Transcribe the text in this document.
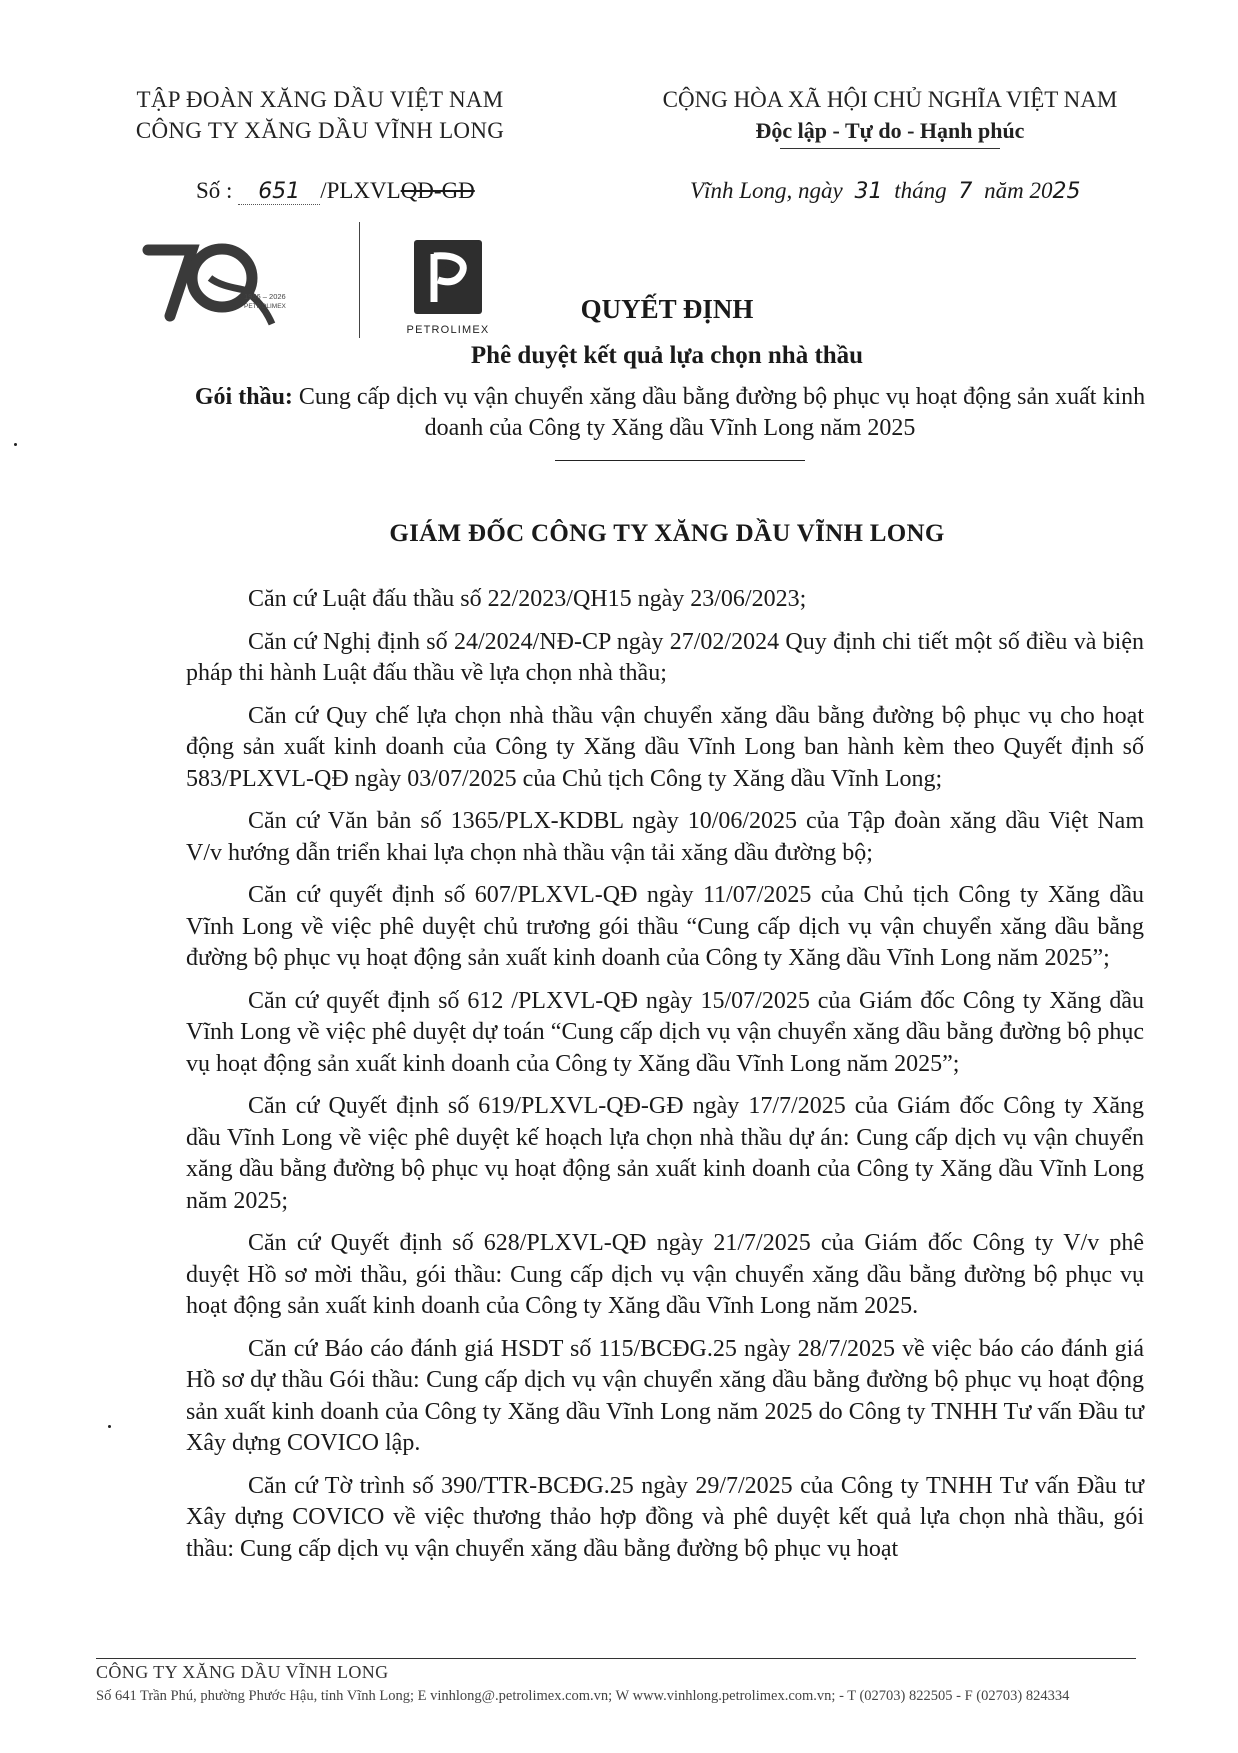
TẬP ĐOÀN XĂNG DẦU VIỆT NAM
CÔNG TY XĂNG DẦU VĨNH LONG
CỘNG HÒA XÃ HỘI CHỦ NGHĨA VIỆT NAM
Độc lập - Tự do - Hạnh phúc
Số : 651 /PLXVLQĐ-GĐ	Vĩnh Long, ngày 31 tháng 7 năm 2025
1956 – 2026
PETROLIMEX
PETROLIMEX
QUYẾT ĐỊNH
Phê duyệt kết quả lựa chọn nhà thầu
Gói thầu: Cung cấp dịch vụ vận chuyển xăng dầu bằng đường bộ phục vụ hoạt động sản xuất kinh doanh của Công ty Xăng dầu Vĩnh Long năm 2025
GIÁM ĐỐC CÔNG TY XĂNG DẦU VĨNH LONG

Căn cứ Luật đấu thầu số 22/2023/QH15 ngày 23/06/2023;

Căn cứ Nghị định số 24/2024/NĐ-CP ngày 27/02/2024 Quy định chi tiết một số điều và biện pháp thi hành Luật đấu thầu về lựa chọn nhà thầu;

Căn cứ Quy chế lựa chọn nhà thầu vận chuyển xăng dầu bằng đường bộ phục vụ cho hoạt động sản xuất kinh doanh của Công ty Xăng dầu Vĩnh Long ban hành kèm theo Quyết định số 583/PLXVL-QĐ ngày 03/07/2025 của Chủ tịch Công ty Xăng dầu Vĩnh Long;

Căn cứ Văn bản số 1365/PLX-KDBL ngày 10/06/2025 của Tập đoàn xăng dầu Việt Nam V/v hướng dẫn triển khai lựa chọn nhà thầu vận tải xăng dầu đường bộ;

Căn cứ quyết định số 607/PLXVL-QĐ ngày 11/07/2025 của Chủ tịch Công ty Xăng dầu Vĩnh Long về việc phê duyệt chủ trương gói thầu “Cung cấp dịch vụ vận chuyển xăng dầu bằng đường bộ phục vụ hoạt động sản xuất kinh doanh của Công ty Xăng dầu Vĩnh Long năm 2025”;

Căn cứ quyết định số 612 /PLXVL-QĐ ngày 15/07/2025 của Giám đốc Công ty Xăng dầu Vĩnh Long về việc phê duyệt dự toán “Cung cấp dịch vụ vận chuyển xăng dầu bằng đường bộ phục vụ hoạt động sản xuất kinh doanh của Công ty Xăng dầu Vĩnh Long năm 2025”;

Căn cứ Quyết định số 619/PLXVL-QĐ-GĐ ngày 17/7/2025 của Giám đốc Công ty Xăng dầu Vĩnh Long về việc phê duyệt kế hoạch lựa chọn nhà thầu dự án: Cung cấp dịch vụ vận chuyển xăng dầu bằng đường bộ phục vụ hoạt động sản xuất kinh doanh của Công ty Xăng dầu Vĩnh Long năm 2025;

Căn cứ Quyết định số 628/PLXVL-QĐ ngày 21/7/2025 của Giám đốc Công ty V/v phê duyệt Hồ sơ mời thầu, gói thầu: Cung cấp dịch vụ vận chuyển xăng dầu bằng đường bộ phục vụ hoạt động sản xuất kinh doanh của Công ty Xăng dầu Vĩnh Long năm 2025.

Căn cứ Báo cáo đánh giá HSDT số 115/BCĐG.25 ngày 28/7/2025 về việc báo cáo đánh giá Hồ sơ dự thầu Gói thầu: Cung cấp dịch vụ vận chuyển xăng dầu bằng đường bộ phục vụ hoạt động sản xuất kinh doanh của Công ty Xăng dầu Vĩnh Long năm 2025 do Công ty TNHH Tư vấn Đầu tư Xây dựng COVICO lập.

Căn cứ Tờ trình số 390/TTR-BCĐG.25 ngày 29/7/2025 của Công ty TNHH Tư vấn Đầu tư Xây dựng COVICO về việc thương thảo hợp đồng và phê duyệt kết quả lựa chọn nhà thầu, gói thầu: Cung cấp dịch vụ vận chuyển xăng dầu bằng đường bộ phục vụ hoạt

CÔNG TY XĂNG DẦU VĨNH LONG
Số 641 Trần Phú, phường Phước Hậu, tỉnh Vĩnh Long; E vinhlong@.petrolimex.com.vn; W www.vinhlong.petrolimex.com.vn; - T (02703) 822505 - F (02703) 824334
